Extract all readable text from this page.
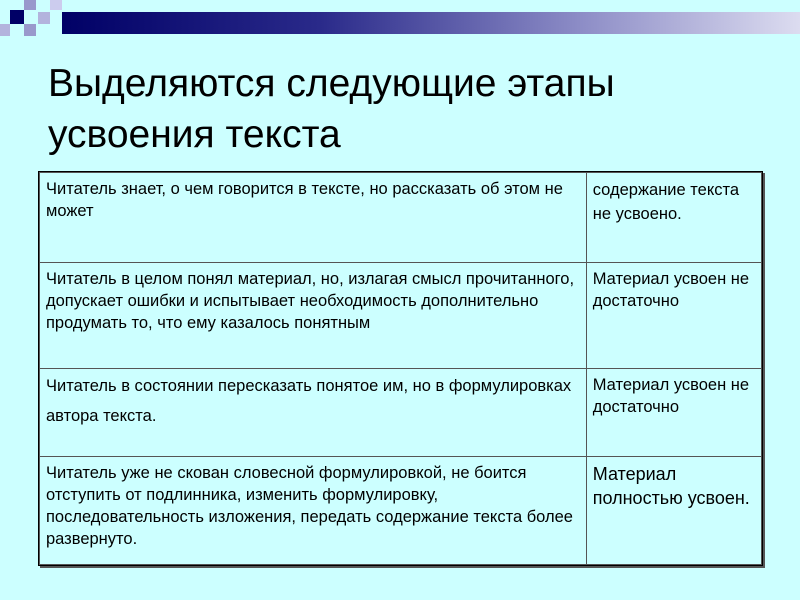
Выделяются следующие этапы
усвоения текста
Читатель знает, о чем говорится в тексте, но рассказать об этом не может	содержание текста не усвоено.
Читатель в целом понял материал, но, излагая смысл прочитанного, допускает ошибки и испытывает необходимость дополнительно продумать то, что ему казалось понятным	Материал усвоен не достаточно
Читатель в состоянии пересказать понятое им, но в формулировках автора текста.	Материал усвоен не достаточно
Читатель уже не скован словесной формулировкой, не боится отступить от подлинника, изменить формулировку, последовательность изложения, передать содержание текста более развернуто.	Материал полностью усвоен.
